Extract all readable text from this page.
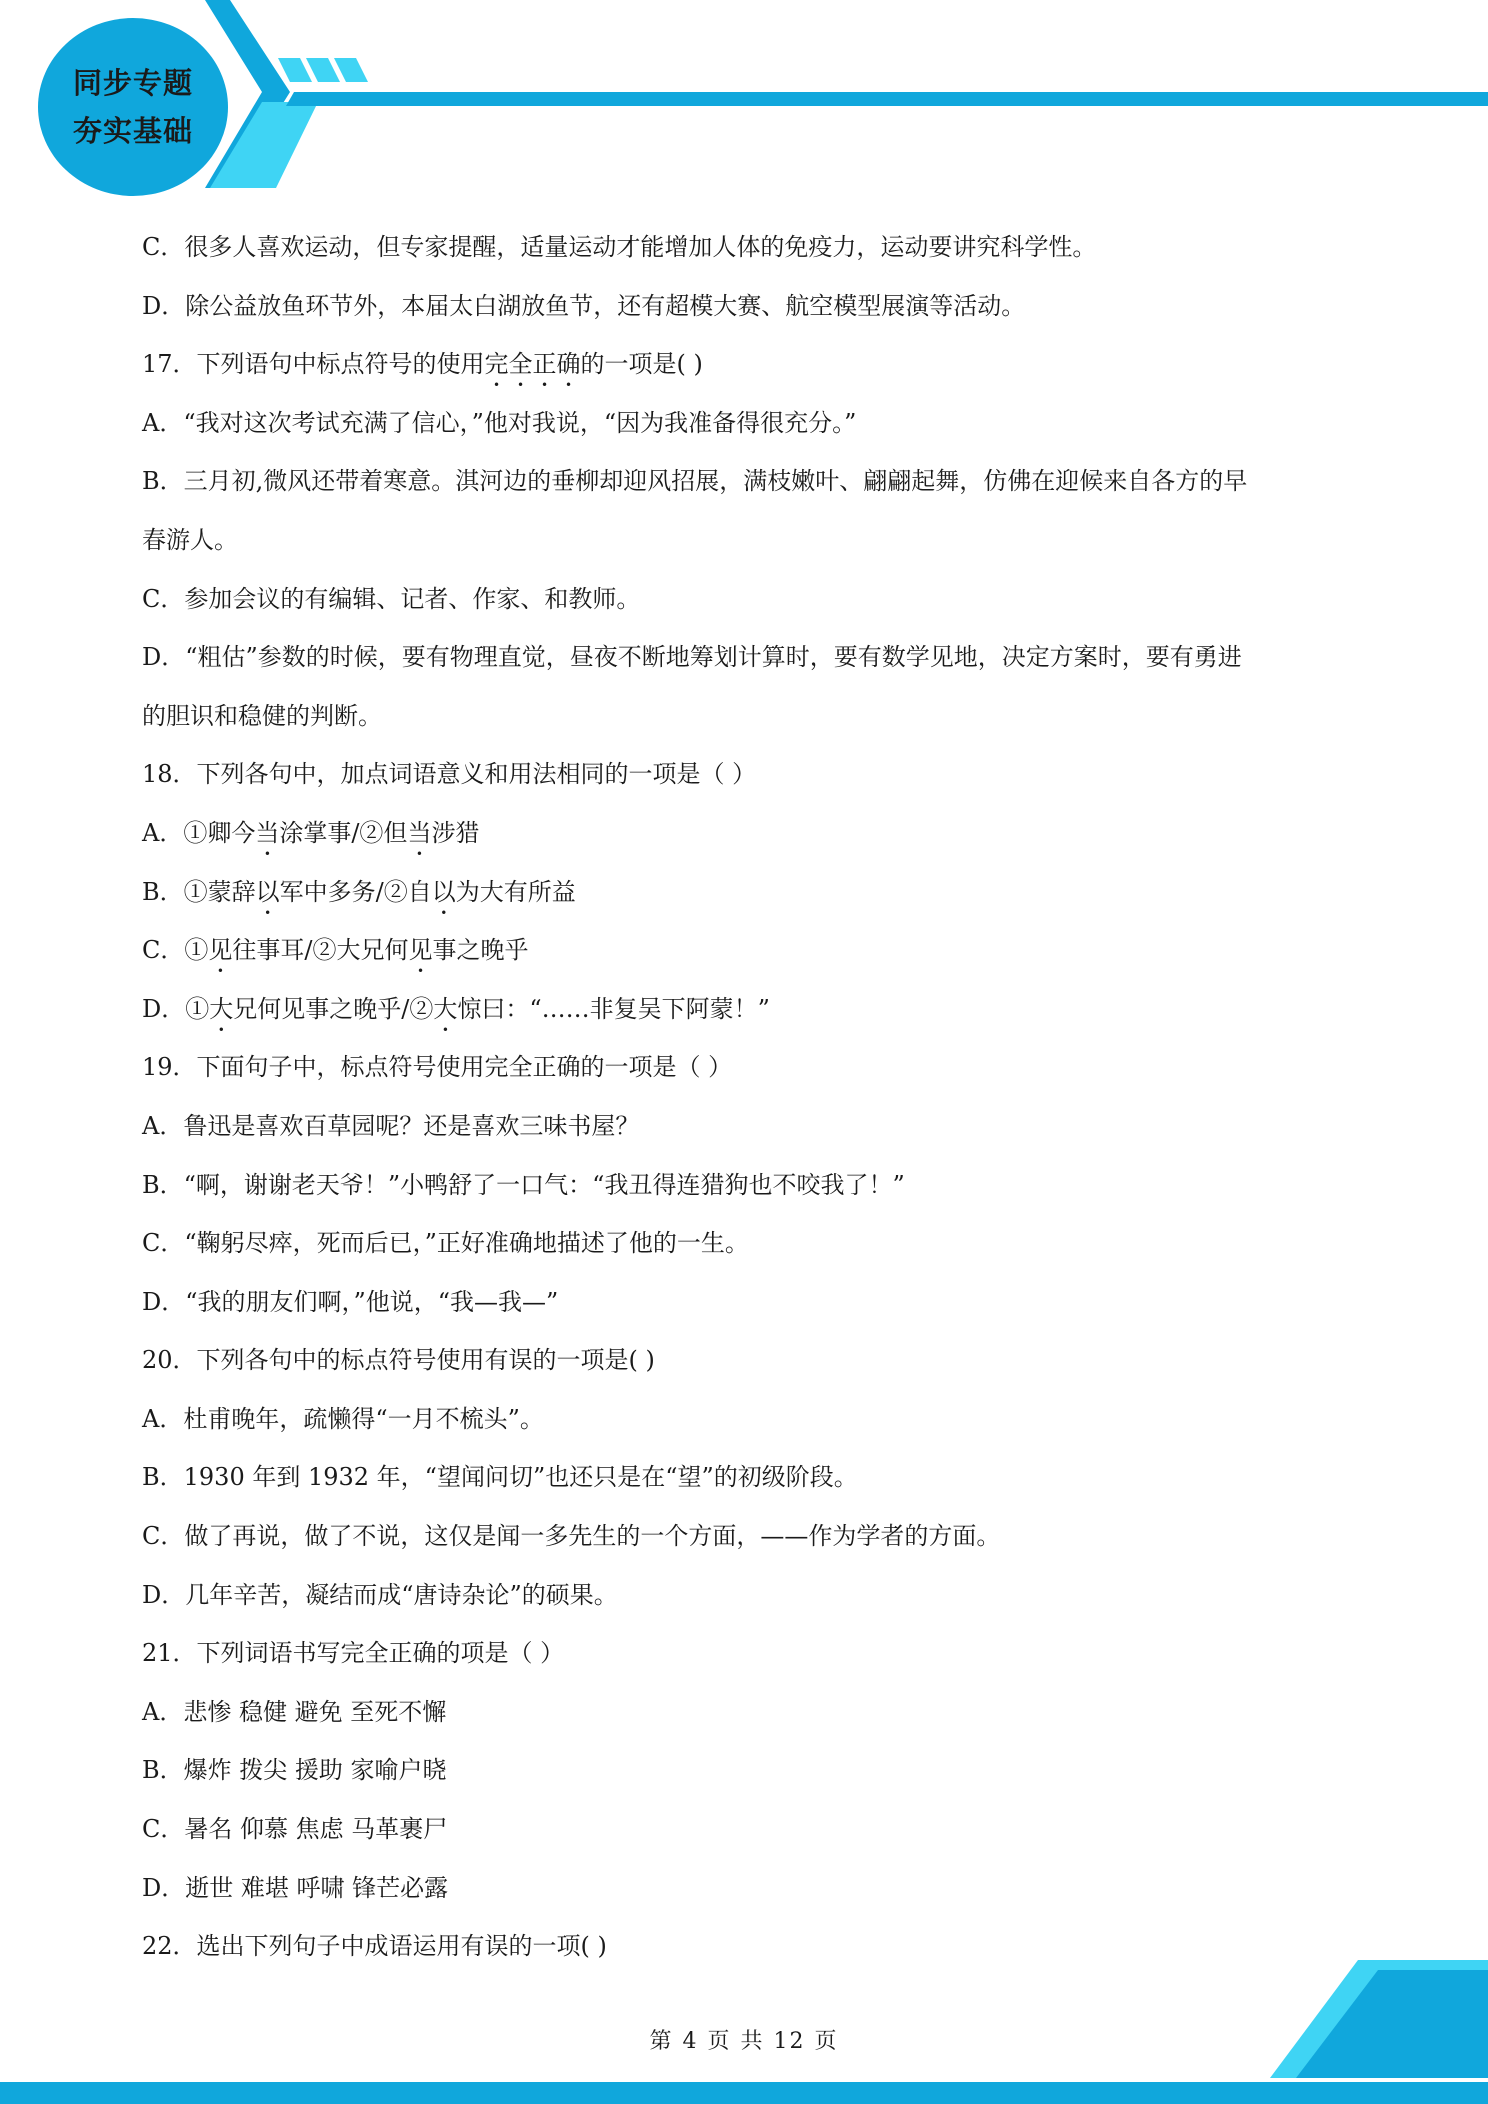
同步专题
夯实基础
C．很多人喜欢运动，但专家提醒，适量运动才能增加人体的免疫力，运动要讲究科学性。
D．除公益放鱼环节外，本届太白湖放鱼节，还有超模大赛、航空模型展演等活动。
17．下列语句中标点符号的使用完全正确的一项是( )
A．“我对这次考试充满了信心，”他对我说，“因为我准备得很充分。”
B．三月初,微风还带着寒意。淇河边的垂柳却迎风招展，满枝嫩叶、翩翩起舞，仿佛在迎候来自各方的早
春游人。
C．参加会议的有编辑、记者、作家、和教师。
D．“粗估”参数的时候，要有物理直觉，昼夜不断地筹划计算时，要有数学见地，决定方案时，要有勇进
的胆识和稳健的判断。
18．下列各句中，加点词语意义和用法相同的一项是（ ）
A．①卿今当涂掌事/②但当涉猎
B．①蒙辞以军中多务/②自以为大有所益
C．①见往事耳/②大兄何见事之晚乎
D．①大兄何见事之晚乎/②大惊曰：“……非复吴下阿蒙！”
19．下面句子中，标点符号使用完全正确的一项是（ ）
A．鲁迅是喜欢百草园呢？还是喜欢三味书屋？
B．“啊，谢谢老天爷！”小鸭舒了一口气：“我丑得连猎狗也不咬我了！”
C．“鞠躬尽瘁，死而后已，”正好准确地描述了他的一生。
D．“我的朋友们啊，”他说，“我—我—”
20．下列各句中的标点符号使用有误的一项是( )
A．杜甫晚年，疏懒得“一月不梳头”。
B．1930 年到 1932 年，“望闻问切”也还只是在“望”的初级阶段。
C．做了再说，做了不说，这仅是闻一多先生的一个方面，——作为学者的方面。
D．几年辛苦，凝结而成“唐诗杂论”的硕果。
21．下列词语书写完全正确的项是（ ）
A．悲惨 稳健 避免 至死不懈
B．爆炸 拨尖 援助 家喻户晓
C．暑名 仰慕 焦虑 马革裹尸
D．逝世 难堪 呼啸 锋芒必露
22．选出下列句子中成语运用有误的一项( )
第 4 页 共 12 页
